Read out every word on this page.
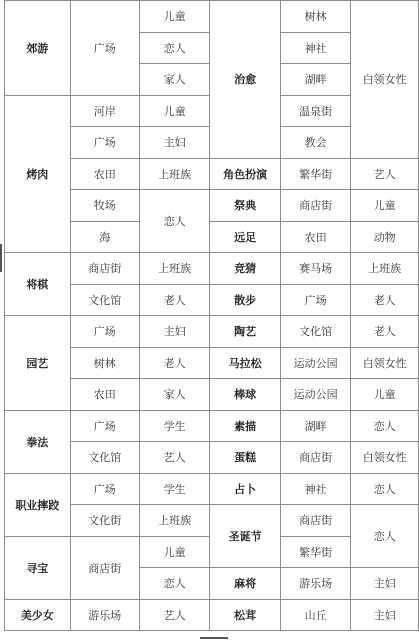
郊游	广场	儿童	治愈	树林	白领女性
		恋人		神社	
		家人		湖畔	
烤肉	河岸	儿童		温泉街	
	广场	主妇		教会	
	农田	上班族	角色扮演	繁华街	艺人
	牧场	恋人	祭典	商店街	儿童
	海		远足	农田	动物
将棋	商店街	上班族	竞猜	赛马场	上班族
	文化馆	老人	散步	广场	老人
园艺	广场	主妇	陶艺	文化馆	老人
	树林	老人	马拉松	运动公园	白领女性
	农田	家人	棒球	运动公园	儿童
拳法	广场	学生	素描	湖畔	恋人
	文化馆	艺人	蛋糕	商店街	白领女性
职业摔跤	广场	学生	占卜	神社	恋人
	文化街	上班族	圣诞节	商店街	恋人
寻宝	商店街	儿童		繁华街	
		恋人	麻将	游乐场	主妇
美少女	游乐场	艺人	松茸	山丘	主妇
